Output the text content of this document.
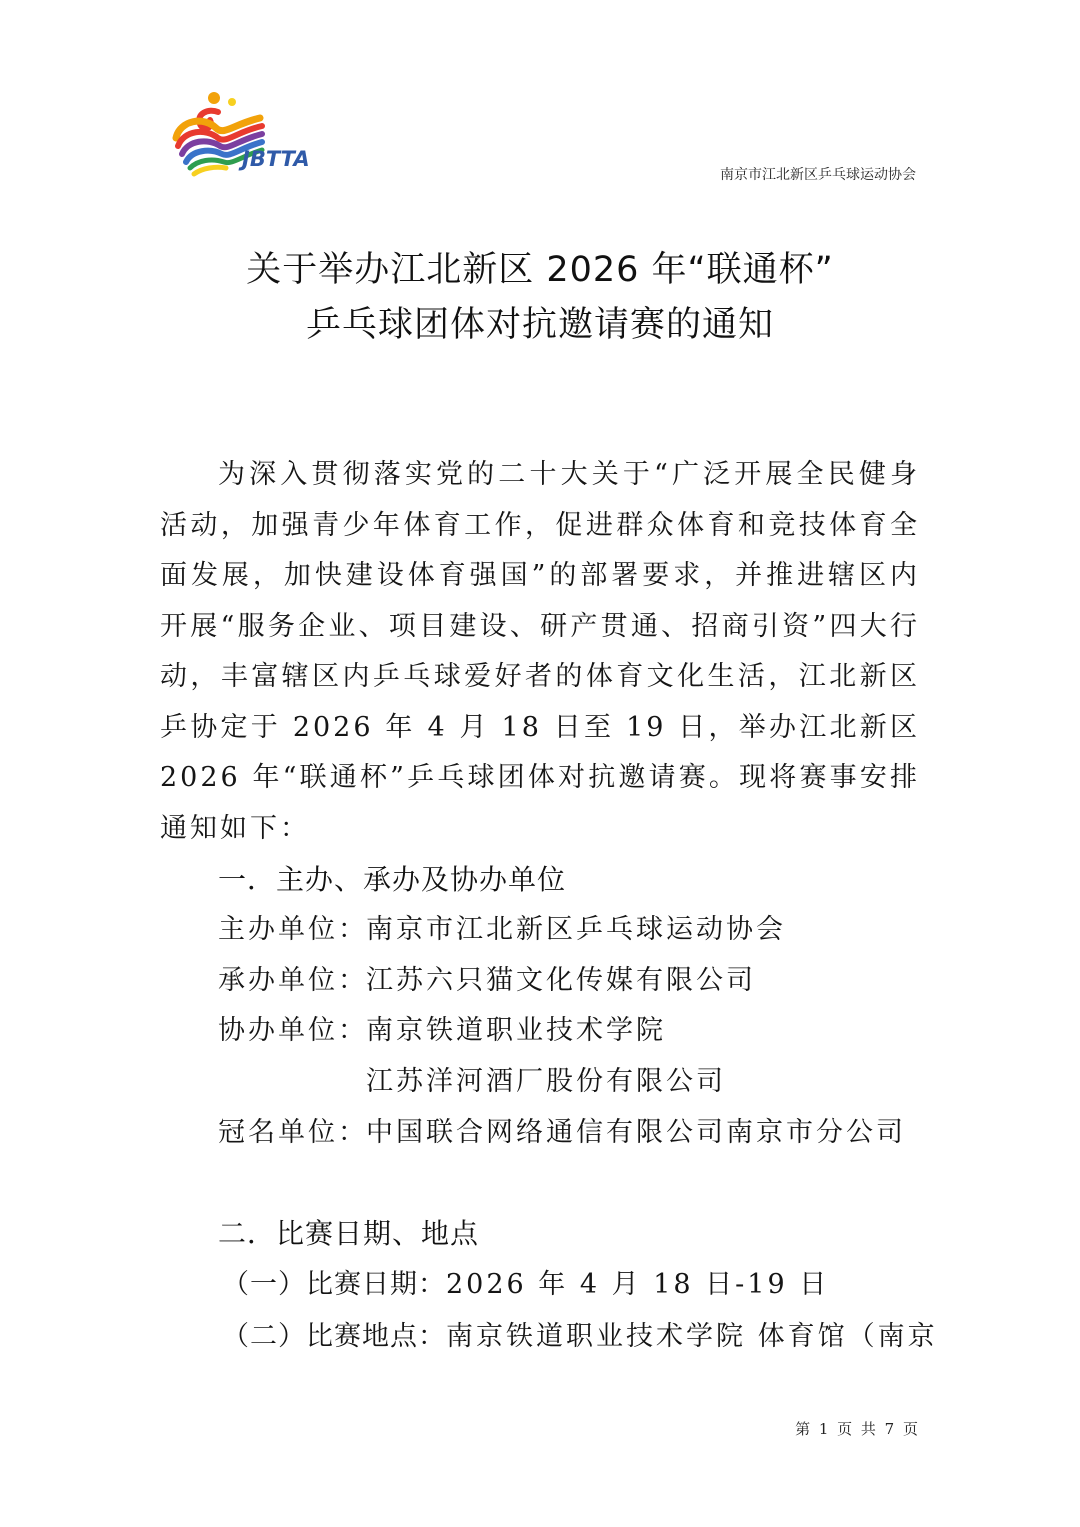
JBTTA
南京市江北新区乒乓球运动协会
关于举办江北新区 2026 年“联通杯”
乒乓球团体对抗邀请赛的通知
为深入贯彻落实党的二十大关于“广泛开展全民健身活动，加强青少年体育工作，促进群众体育和竞技体育全面发展，加快建设体育强国”的部署要求，并推进辖区内开展“服务企业、项目建设、研产贯通、招商引资”四大行动，丰富辖区内乒乓球爱好者的体育文化生活，江北新区乒协定于 2026 年 4 月 18 日至 19 日，举办江北新区 2026 年“联通杯”乒乓球团体对抗邀请赛。现将赛事安排通知如下：
一．主办、承办及协办单位
主办单位：南京市江北新区乒乓球运动协会
承办单位：江苏六只猫文化传媒有限公司
协办单位：南京铁道职业技术学院
江苏洋河酒厂股份有限公司
冠名单位：中国联合网络通信有限公司南京市分公司
二．比赛日期、地点
（一）比赛日期：2026 年 4 月 18 日-19 日
（二）比赛地点：南京铁道职业技术学院 体育馆（南京
第 1 页 共 7 页
